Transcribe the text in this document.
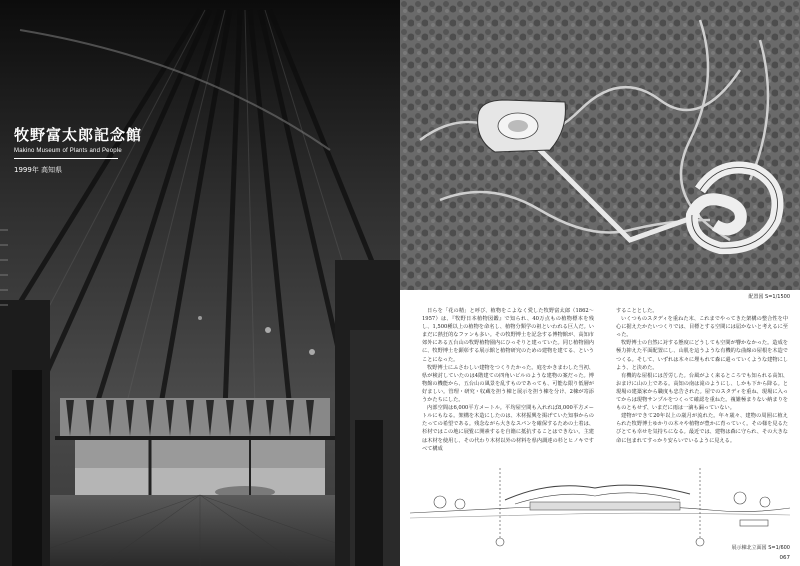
牧野富太郎記念館
Makino Museum of Plants and People
1999年 高知県
配置図 S=1/1500

日らを「花の精」と呼び、植物をこよなく愛した牧野富太郎（1862〜1957）は、『牧野日本植物図鑑』で知られ、40万点もの植物標本を残し、1,500種以上の植物を命名し、植物分類学の祖といわれる巨人だ。いまだに熱狂的なファンも多い。その牧野博士を記念する博物館が、高知市郊外にある五台山の牧野植物園内にひっそりと建っていた。同じ植物園内に、牧野博士を顕彰する展示館と植物研究のための建物を建てる、ということになった。

牧野博士にふさわしい建物をつくりたかった。庭をかきまわした当初、県が検討していたのは4階建ての四角いビルのような建物の案だった。博物館の機能から、五台山の風景を乱すものであっても、可能な限り低層が好ましい。管理・研究・収蔵を担う棟と展示を担う棟を分け、2棟が寄添うかたちにした。

内部空間は6,000平方メートル。平均屋空間も入れれば8,000平方メートルにもなる。架構を木造にしたのは、木材振興を掲げていた知事からのたっての希望である。残念ながら大きなスパンを確保するための土着は、杉材ではこの地に展覧に開素するを自籍に抵抗することはできない。主建は木材を使用し、その代わり木材以外の材料を県内調達の杉とヒノキですべて構成

することとした。

いくつものスタディを重ねた末、これまでやってきた架構の整合性を中心に据えたかたいつくりでは、目標とする空間には届かないと考えるに至った。

牧野博士の自然に対する態度にどうしても空間が響かなかった。造成を極力抑えた平面配置にし、山肌を這うような有機的な曲線の屋根を木造でつくる。そして、いずれは木々に埋もれて森に還っていくような建物にしよう、と決めた。

有機的な屋根には苦労した。台風がよく来るところでも知られる高知、おまけに山の上である。高知の南は滝のようにし、しかも下から降る。と現場の建築家から職度も忠告された。屋でのスタディを重ね、現場に入ってからは現物サンプルをつくって確認を重ねた。複雑極まりない納まりをものともせず、いまだに雨は一滴も漏っていない。

建物ができて20年以上の歳月が流れた。年々歳々、建物の周囲に植えられた牧野博士ゆかりの木々や植物が豊かに育っていく。その様を見るたびとても幸せを気持ちになる。最近では、建物は森に守られ、その大きな命に包まれてすっかり安らいでいるように見える。

展示棟北立面図 S=1/600
067
